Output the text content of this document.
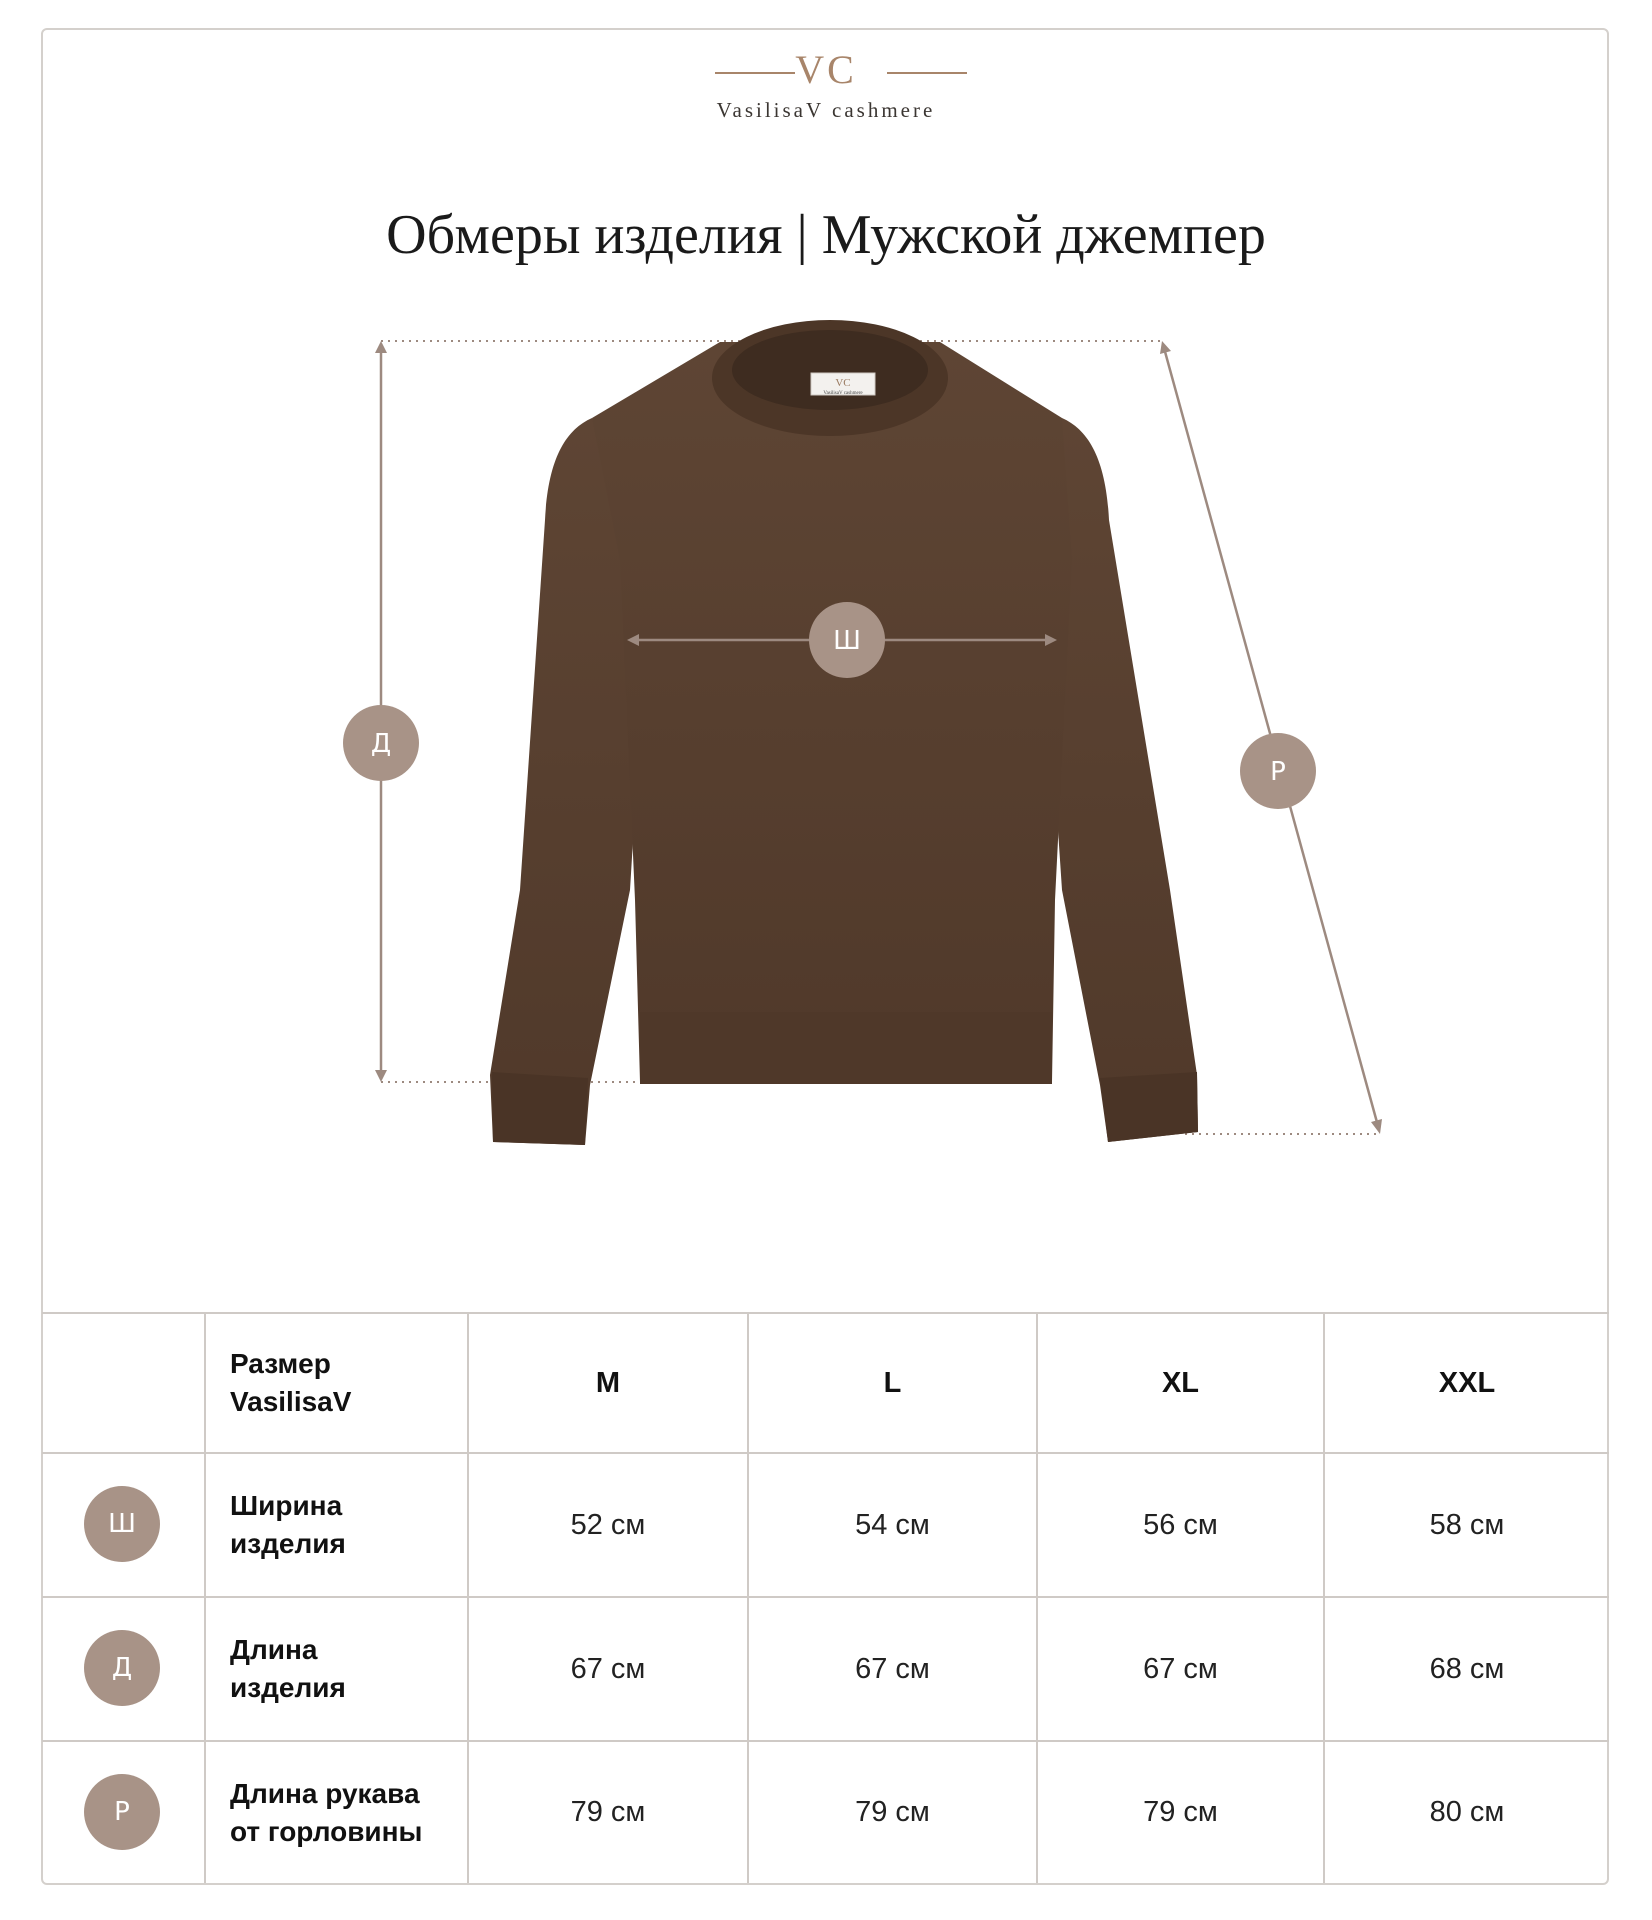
VC
VasilisaV cashmere
Обмеры изделия | Мужской джемпер
VC
VasilisaV cashmere
Ш
Д
Р
Размер
VasilisaV
M	L	XL	XXL
Ш
Ширина
изделия
52 см	54 см	56 см	58 см
Д
Длина
изделия
67 см	67 см	67 см	68 см
Р
Длина рукава
от горловины
79 см	79 см	79 см	80 см
